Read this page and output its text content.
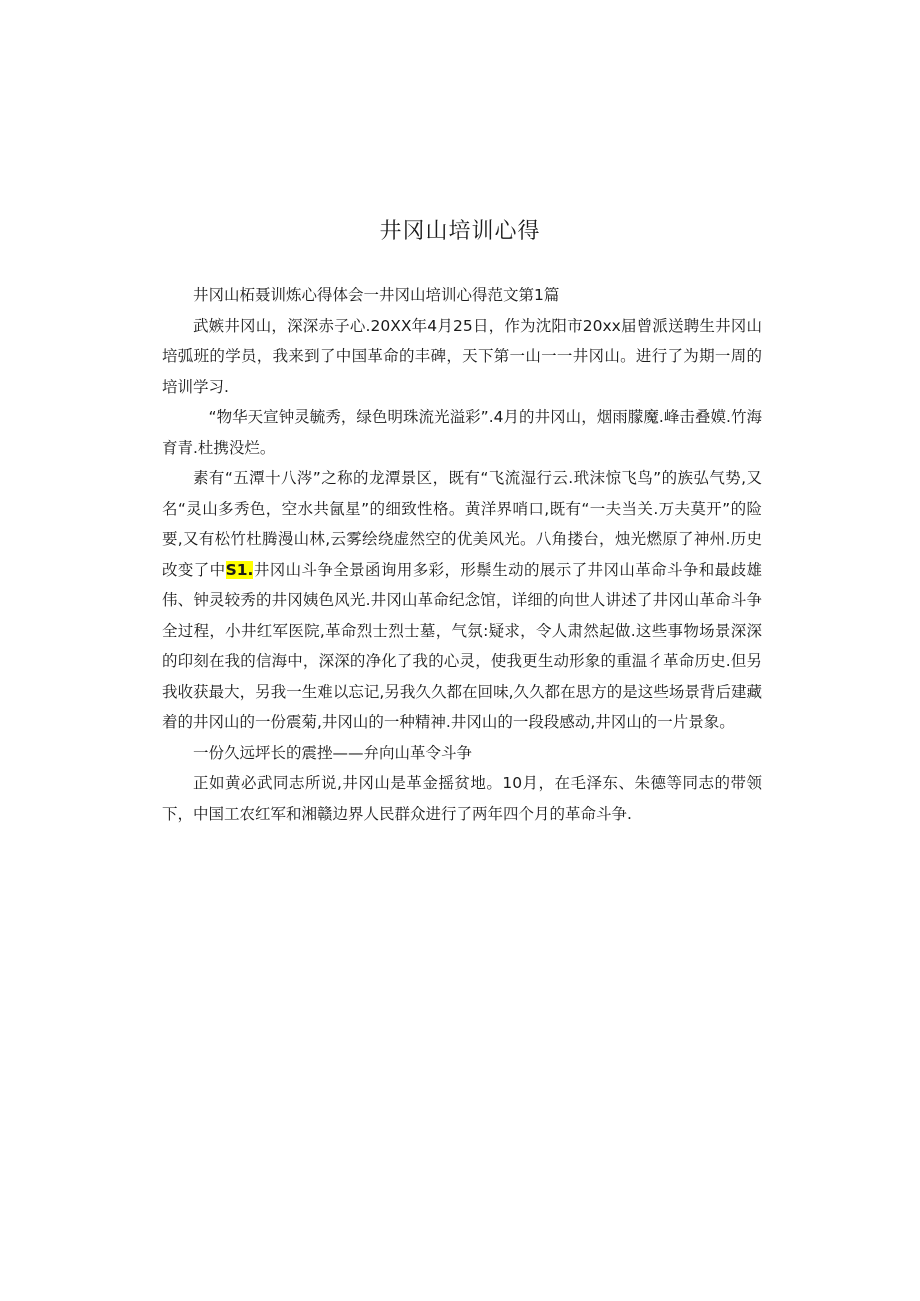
井冈山培训心得

井冈山柘聂训炼心得体会一井冈山培训心得范文第1篇

武嫉井冈山，深深赤子心.20XX年4月25日，作为沈阳市20xx届曾派送聘生井冈山培弧班的学员，我来到了中国革命的丰碑，天下第一山一一井冈山。进行了为期一周的培训学习.

“物华天宣钟灵毓秀，绿色明珠流光溢彩”.4月的井冈山，烟雨朦魔.峰击叠嫫.竹海育青.杜携没烂。

素有“五潭十八涔”之称的龙潭景区，既有“飞流湿行云.玳沫惊飞鸟”的族弘气势,又名“灵山多秀色，空水共氤星”的细致性格。黄洋界哨口,既有“一夫当关.万夫莫开”的险要,又有松竹杜腾漫山林,云雾绘绕虚然空的优美风光。八角搂台，烛光燃原了神州.历史改变了中S1.井冈山斗争全景函询用多彩，形鬃生动的展示了井冈山革命斗争和最歧雄伟、钟灵较秀的井冈姨色风光.井冈山革命纪念馆，详细的向世人讲述了井冈山革命斗争全过程，小井红军医院,革命烈士烈士墓，气氛:疑求，令人肃然起做.这些事物场景深深的印刻在我的信海中，深深的净化了我的心灵，使我更生动形象的重温彳革命历史.但另我收获最大，另我一生难以忘记,另我久久都在回味,久久都在思方的是这些场景背后建藏着的井冈山的一份震菊,井冈山的一种精神.井冈山的一段段感动,井冈山的一片景象。

一份久远坪长的震挫——弁向山革令斗争

正如黄必武同志所说,井冈山是革金摇贫地。10月，在毛泽东、朱德等同志的带领下，中国工农红军和湘赣边界人民群众进行了两年四个月的革命斗争.
